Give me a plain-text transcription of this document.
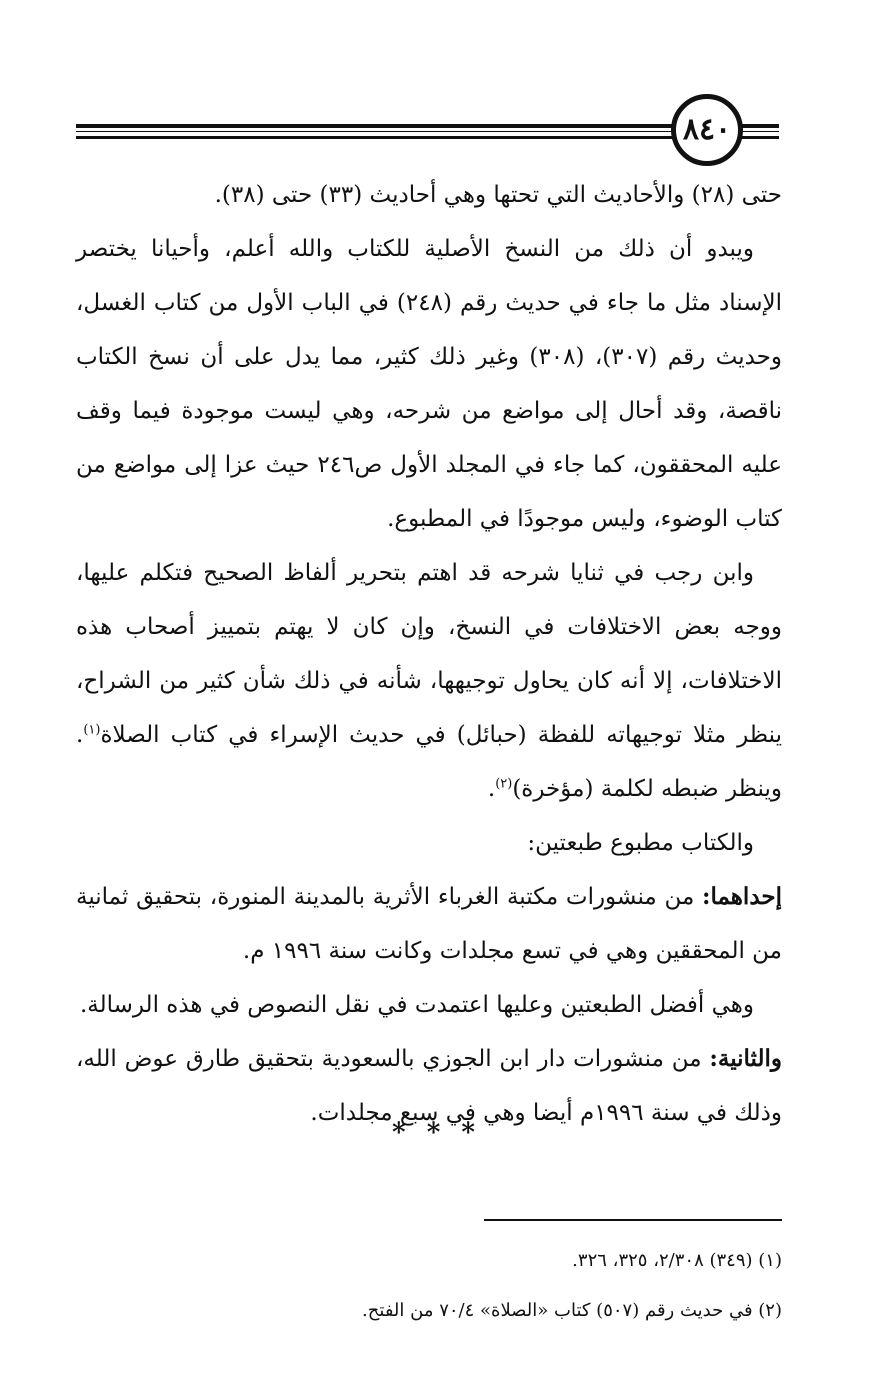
٨٤٠

حتى (٢٨) والأحاديث التي تحتها وهي أحاديث (٣٣) حتى (٣٨).

ويبدو أن ذلك من النسخ الأصلية للكتاب والله أعلم، وأحيانا يختصر الإسناد مثل ما جاء في حديث رقم (٢٤٨) في الباب الأول من كتاب الغسل، وحديث رقم (٣٠٧)، (٣٠٨) وغير ذلك كثير، مما يدل على أن نسخ الكتاب ناقصة، وقد أحال إلى مواضع من شرحه، وهي ليست موجودة فيما وقف عليه المحققون، كما جاء في المجلد الأول ص٢٤٦ حيث عزا إلى مواضع من كتاب الوضوء، وليس موجودًا في المطبوع.

وابن رجب في ثنايا شرحه قد اهتم بتحرير ألفاظ الصحيح فتكلم عليها، ووجه بعض الاختلافات في النسخ، وإن كان لا يهتم بتمييز أصحاب هذه الاختلافات، إلا أنه كان يحاول توجيهها، شأنه في ذلك شأن كثير من الشراح، ينظر مثلا توجيهاته للفظة (حبائل) في حديث الإسراء في كتاب الصلاة$^{(١)}$. وينظر ضبطه لكلمة (مؤخرة)$^{(٢)}$.

والكتاب مطبوع طبعتين:

إحداهما: من منشورات مكتبة الغرباء الأثرية بالمدينة المنورة، بتحقيق ثمانية من المحققين وهي في تسع مجلدات وكانت سنة ١٩٩٦ م.

وهي أفضل الطبعتين وعليها اعتمدت في نقل النصوص في هذه الرسالة.

والثانية: من منشورات دار ابن الجوزي بالسعودية بتحقيق طارق عوض الله، وذلك في سنة ١٩٩٦م أيضا وهي في سبع مجلدات.

* * *

(١) (٣٤٩) ٢/٣٠٨، ٣٢٥، ٣٢٦.

(٢) في حديث رقم (٥٠٧) كتاب «الصلاة» ٧٠/٤ من الفتح.
